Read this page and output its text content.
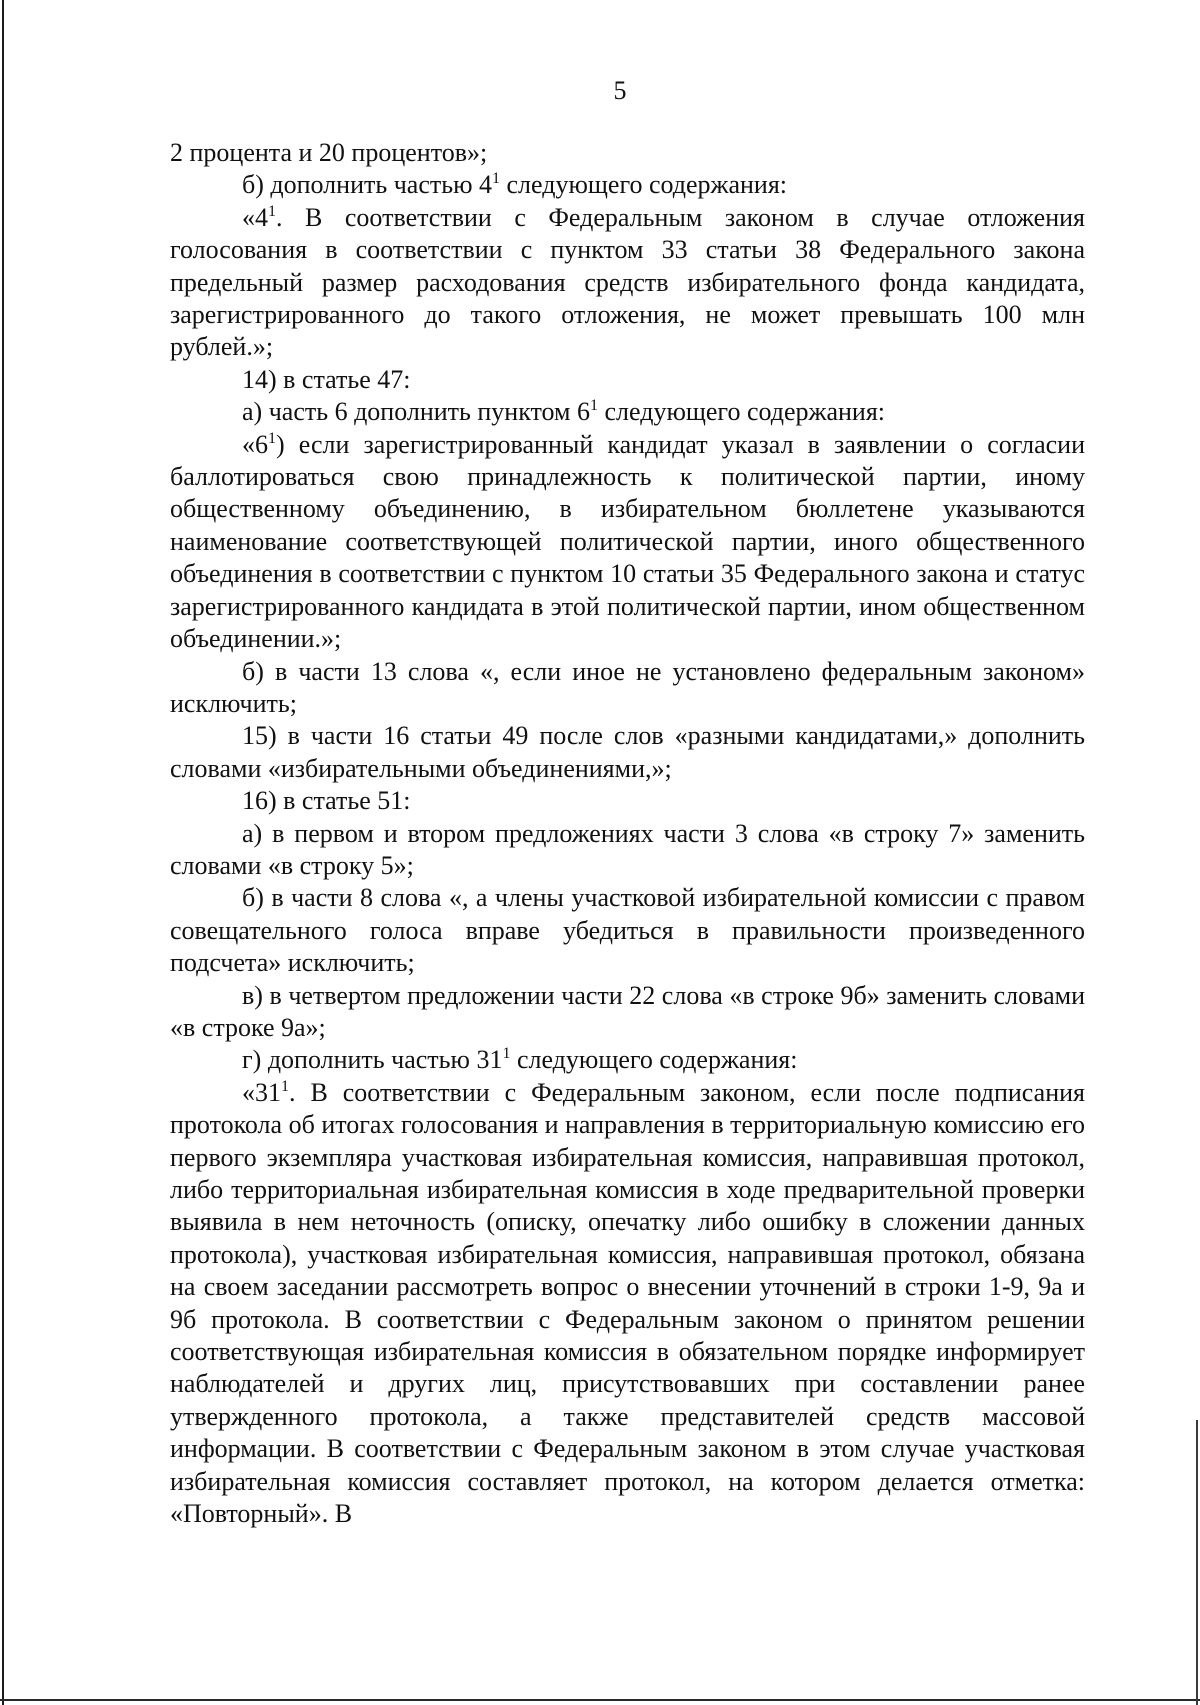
5

2 процента и 20 процентов»;

б) дополнить частью $4^1$ следующего содержания:

«$4^1$. В соответствии с Федеральным законом в случае отложения голосования в соответствии с пунктом 33 статьи 38 Федерального закона предельный размер расходования средств избирательного фонда кандидата, зарегистрированного до такого отложения, не может превышать 100 млн рублей.»;

14) в статье 47:

а) часть 6 дополнить пунктом $6^1$ следующего содержания:

«$6^1$) если зарегистрированный кандидат указал в заявлении о согласии баллотироваться свою принадлежность к политической партии, иному общественному объединению, в избирательном бюллетене указываются наименование соответствующей политической партии, иного общественного объединения в соответствии с пунктом 10 статьи 35 Федерального закона и статус зарегистрированного кандидата в этой политической партии, ином общественном объединении.»;

б) в части 13 слова «, если иное не установлено федеральным законом» исключить;

15) в части 16 статьи 49 после слов «разными кандидатами,» дополнить словами «избирательными объединениями,»;

16) в статье 51:

а) в первом и втором предложениях части 3 слова «в строку 7» заменить словами «в строку 5»;

б) в части 8 слова «, а члены участковой избирательной комиссии с правом совещательного голоса вправе убедиться в правильности произведенного подсчета» исключить;

в) в четвертом предложении части 22 слова «в строке 9б» заменить словами «в строке 9а»;

г) дополнить частью $31^1$ следующего содержания:

«$31^1$. В соответствии с Федеральным законом, если после подписания протокола об итогах голосования и направления в территориальную комиссию его первого экземпляра участковая избирательная комиссия, направившая протокол, либо территориальная избирательная комиссия в ходе предварительной проверки выявила в нем неточность (описку, опечатку либо ошибку в сложении данных протокола), участковая избирательная комиссия, направившая протокол, обязана на своем заседании рассмотреть вопрос о внесении уточнений в строки 1-9, 9а и 9б протокола. В соответствии с Федеральным законом о принятом решении соответствующая избирательная комиссия в обязательном порядке информирует наблюдателей и других лиц, присутствовавших при составлении ранее утвержденного протокола, а также представителей средств массовой информации. В соответствии с Федеральным законом в этом случае участковая избирательная комиссия составляет протокол, на котором делается отметка: «Повторный». В
